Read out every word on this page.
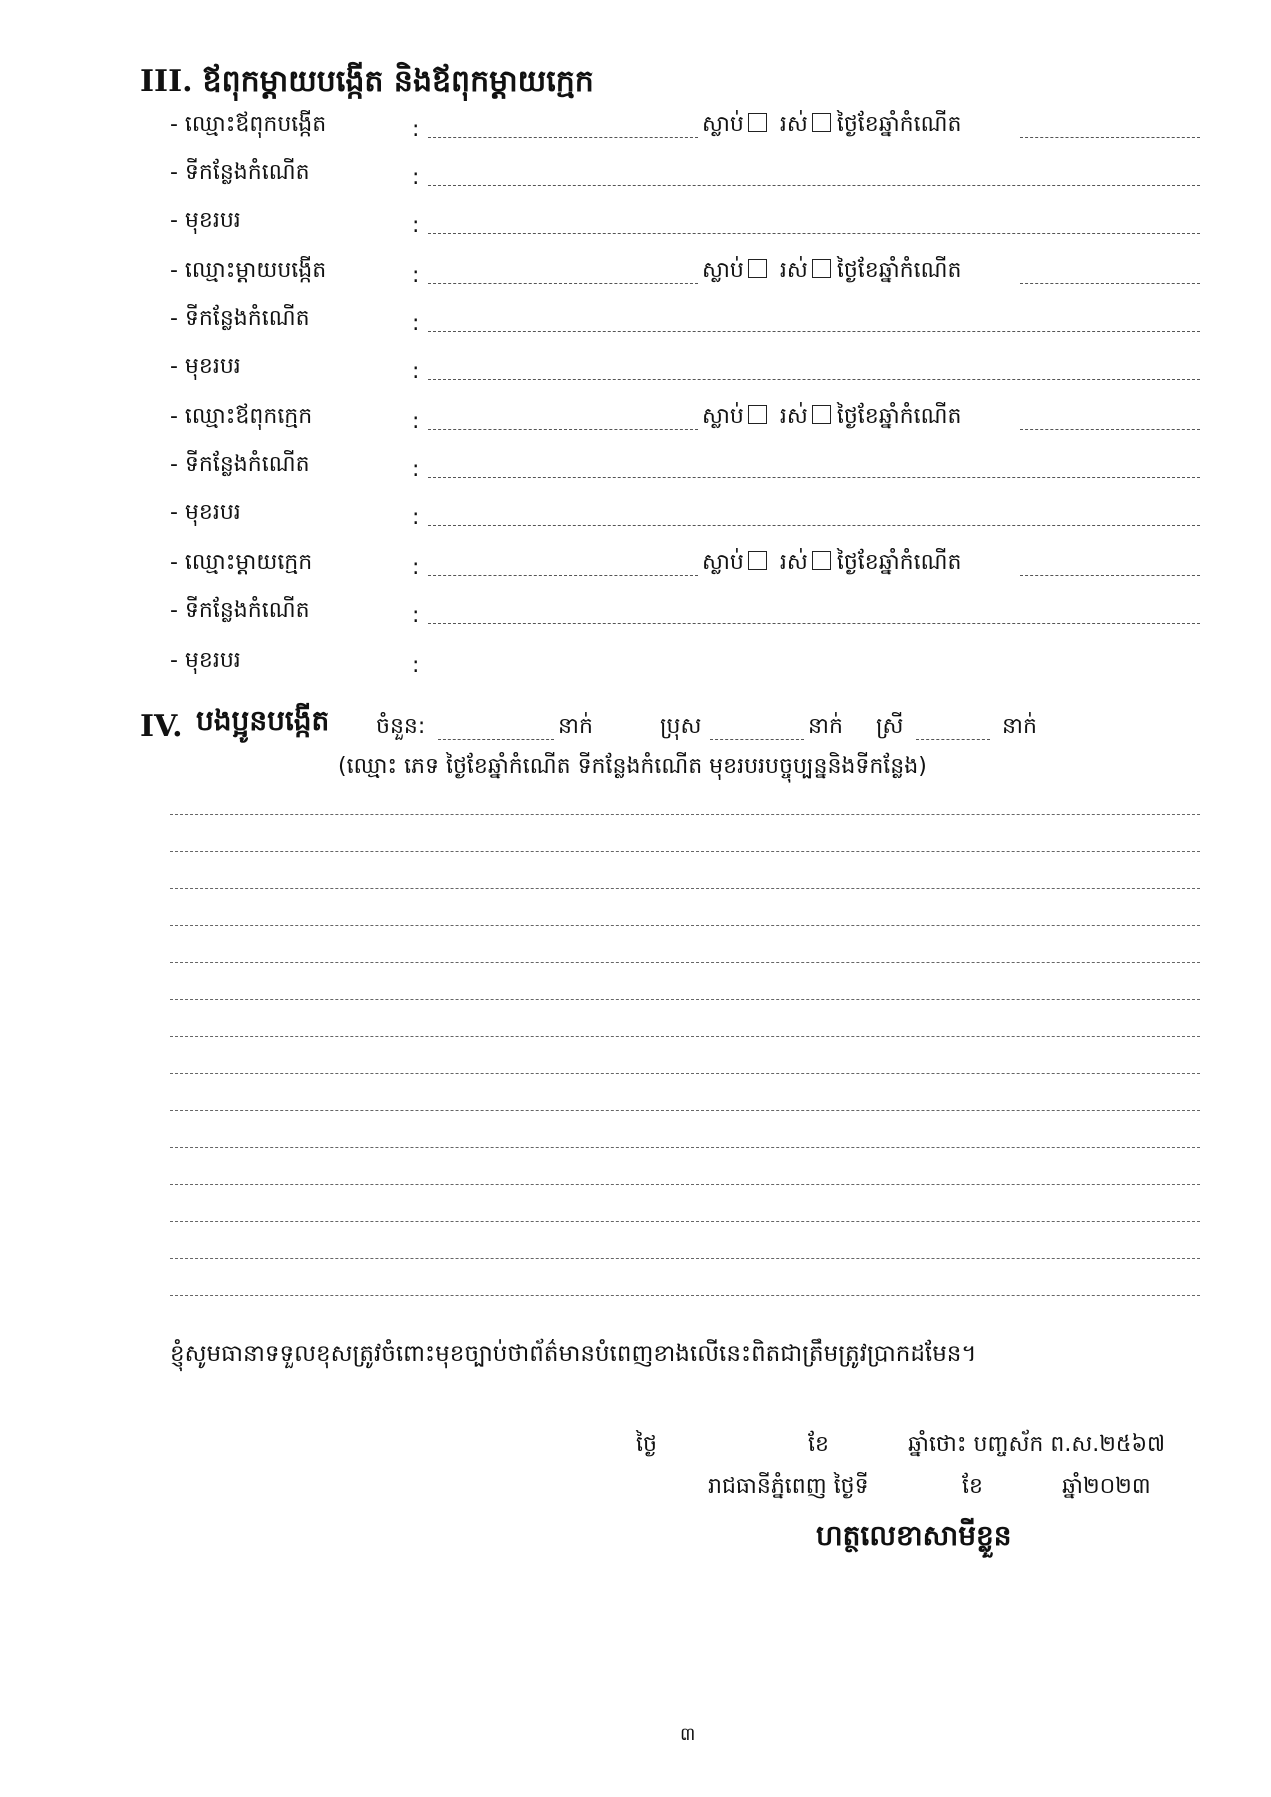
III. ឪពុកម្តាយបង្កើត និងឪពុកម្តាយក្មេក
- ឈ្មោះឪពុកបង្កើត	:	ស្លាប់ រស់ ថ្ងៃខែឆ្នាំកំណើត
- ទីកន្លែងកំណើត	:
- មុខរបរ	:
- ឈ្មោះម្តាយបង្កើត	:	ស្លាប់ រស់ ថ្ងៃខែឆ្នាំកំណើត
- ទីកន្លែងកំណើត	:
- មុខរបរ	:
- ឈ្មោះឪពុកក្មេក	:	ស្លាប់ រស់ ថ្ងៃខែឆ្នាំកំណើត
- ទីកន្លែងកំណើត	:
- មុខរបរ	:
- ឈ្មោះម្តាយក្មេក	:	ស្លាប់ រស់ ថ្ងៃខែឆ្នាំកំណើត
- ទីកន្លែងកំណើត	:
- មុខរបរ	:
IV. បងប្អូនបង្កើត ចំនួន:	នាក់	ប្រុស	នាក់ ស្រី	នាក់
(ឈ្មោះ ភេទ ថ្ងៃខែឆ្នាំកំណើត ទីកន្លែងកំណើត មុខរបរបច្ចុប្បន្ននិងទីកន្លែង)
ខ្ញុំសូមធានាទទួលខុសត្រូវចំពោះមុខច្បាប់ថាព័ត៌មានបំពេញខាងលើនេះពិតជាត្រឹមត្រូវប្រាកដមែន។
ថ្ងៃ	ខែ	ឆ្នាំថោះ បញ្ចស័ក ព.ស.២៥៦៧
រាជធានីភ្នំពេញ ថ្ងៃទី	ខែ	ឆ្នាំ២០២៣
ហត្ថលេខាសាមីខ្លួន
៣
